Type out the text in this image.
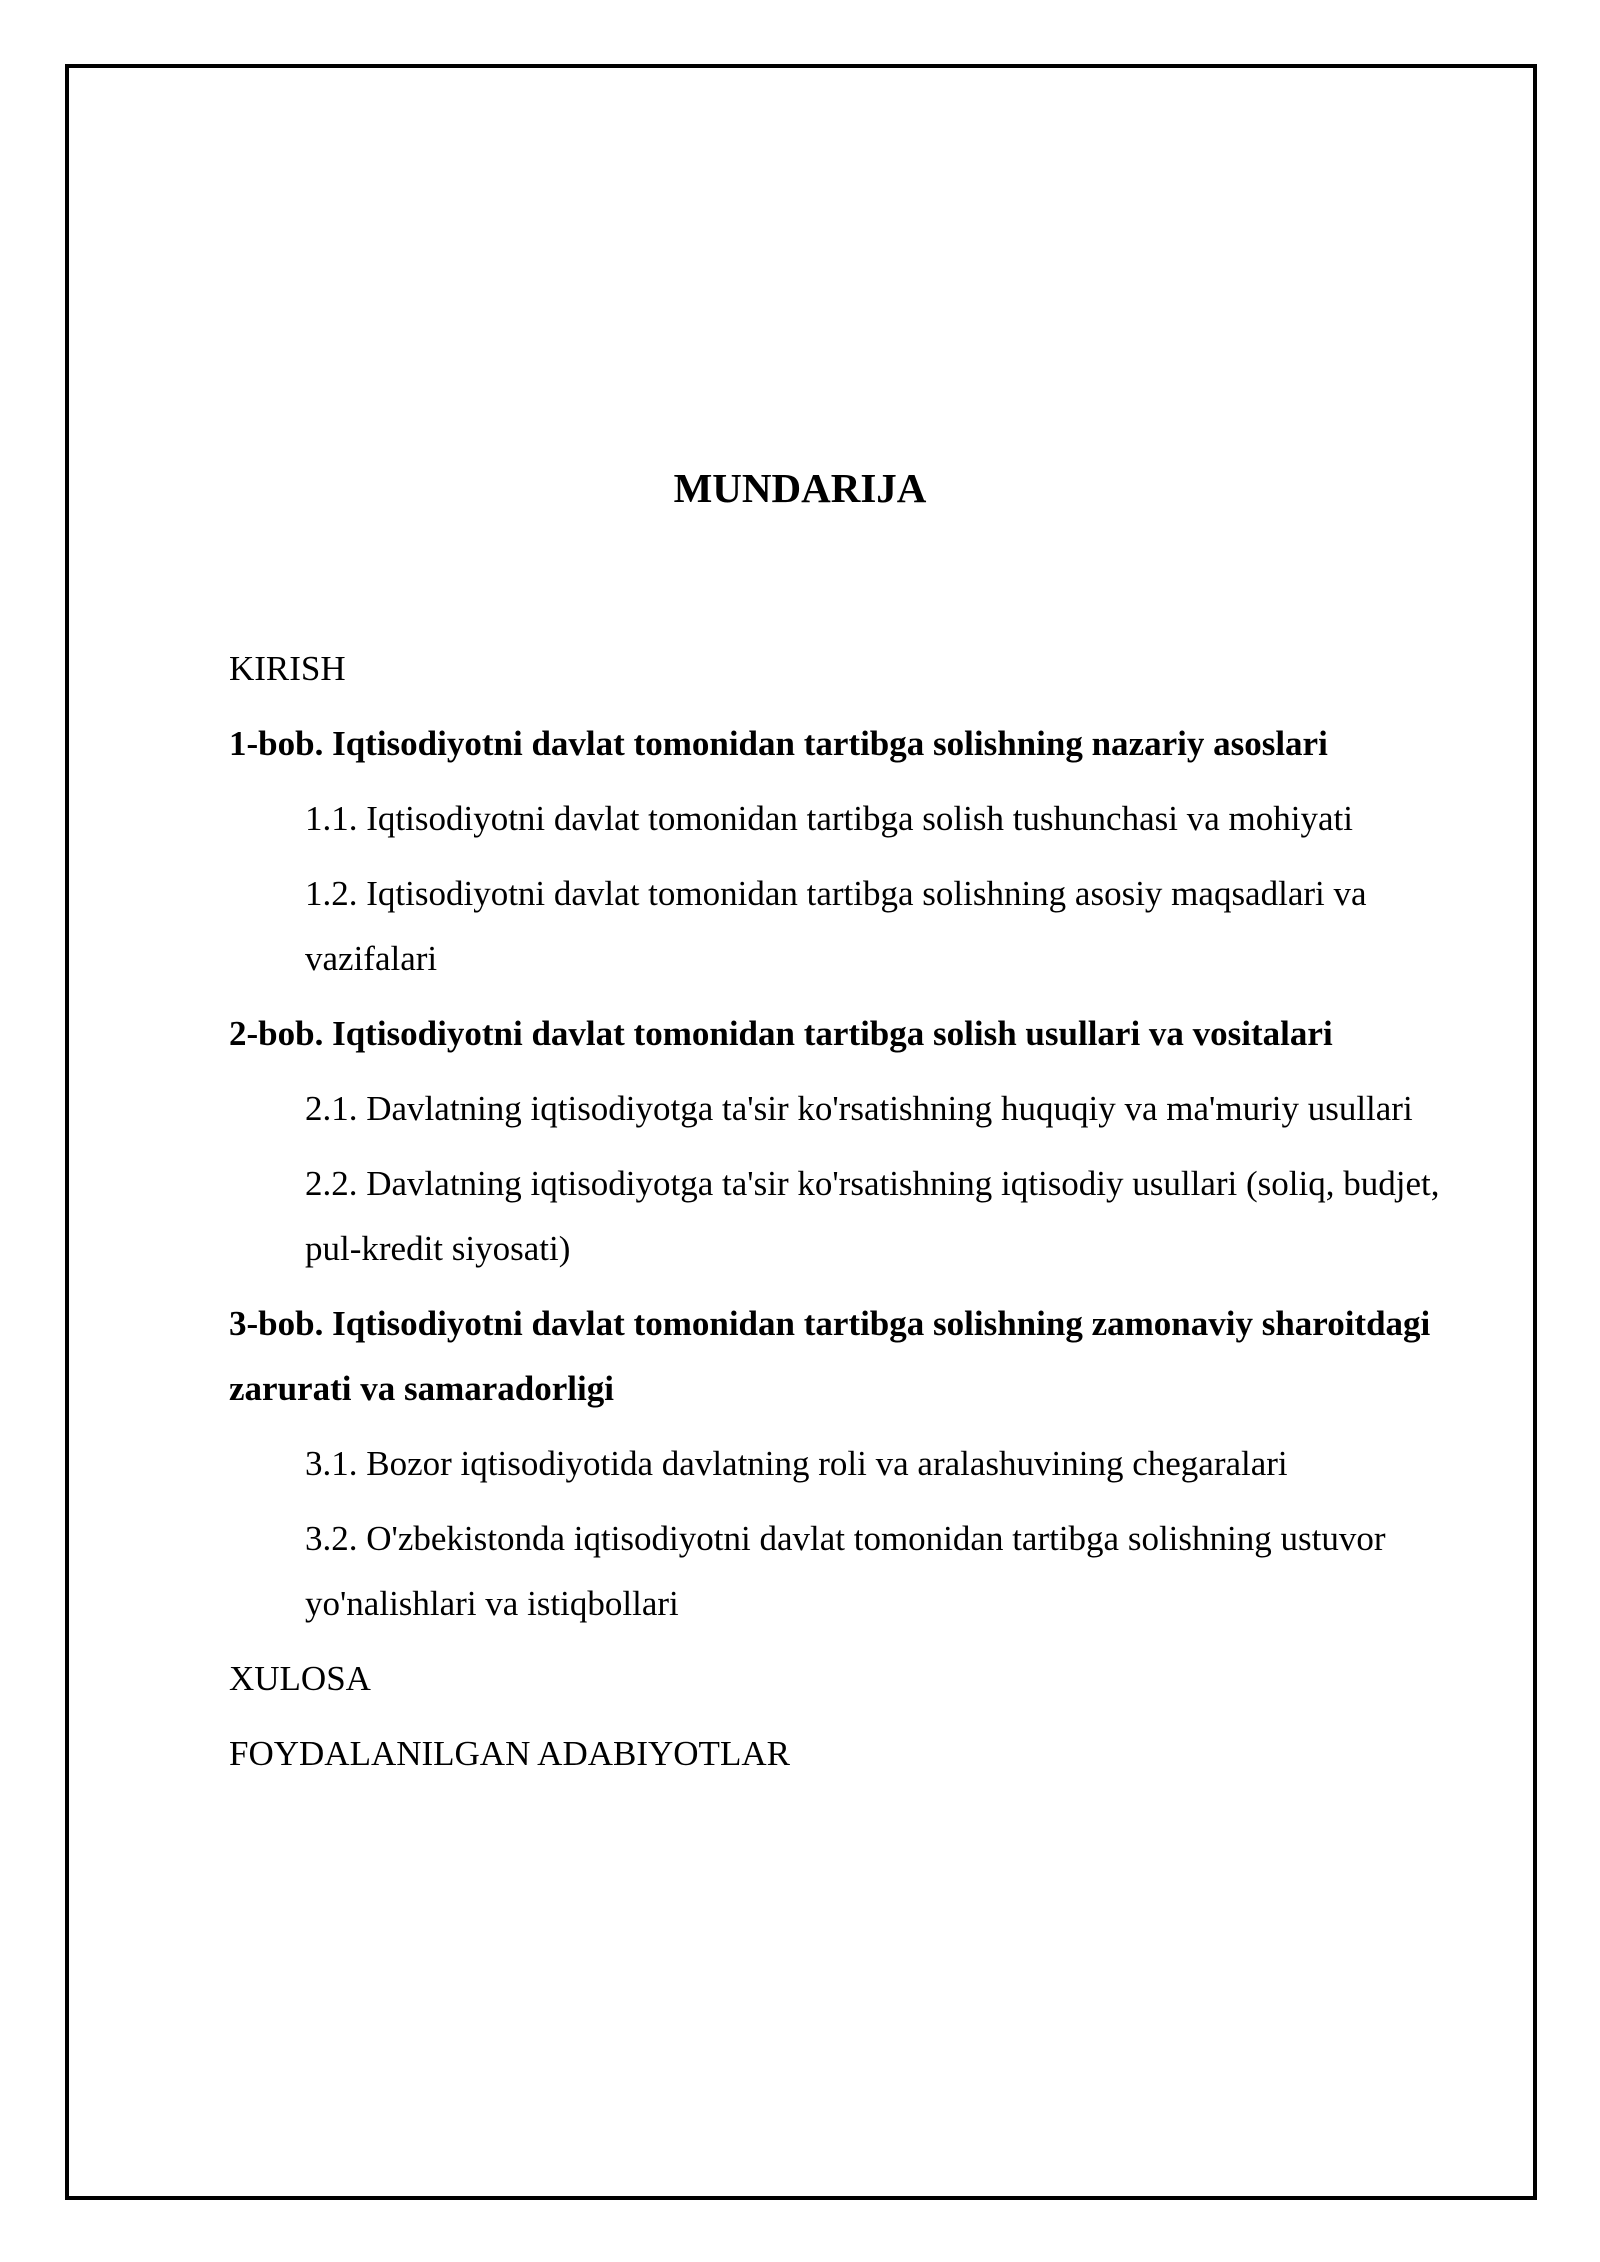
MUNDARIJA
KIRISH
1-bob. Iqtisodiyotni davlat tomonidan tartibga solishning nazariy asoslari
1.1. Iqtisodiyotni davlat tomonidan tartibga solish tushunchasi va mohiyati
1.2. Iqtisodiyotni davlat tomonidan tartibga solishning asosiy maqsadlari va vazifalari
2-bob. Iqtisodiyotni davlat tomonidan tartibga solish usullari va vositalari
2.1. Davlatning iqtisodiyotga ta'sir ko'rsatishning huquqiy va ma'muriy usullari
2.2. Davlatning iqtisodiyotga ta'sir ko'rsatishning iqtisodiy usullari (soliq, budjet, pul-kredit siyosati)
3-bob. Iqtisodiyotni davlat tomonidan tartibga solishning zamonaviy sharoitdagi zarurati va samaradorligi
3.1. Bozor iqtisodiyotida davlatning roli va aralashuvining chegaralari
3.2. O'zbekistonda iqtisodiyotni davlat tomonidan tartibga solishning ustuvor yo'nalishlari va istiqbollari
XULOSA
FOYDALANILGAN ADABIYOTLAR
